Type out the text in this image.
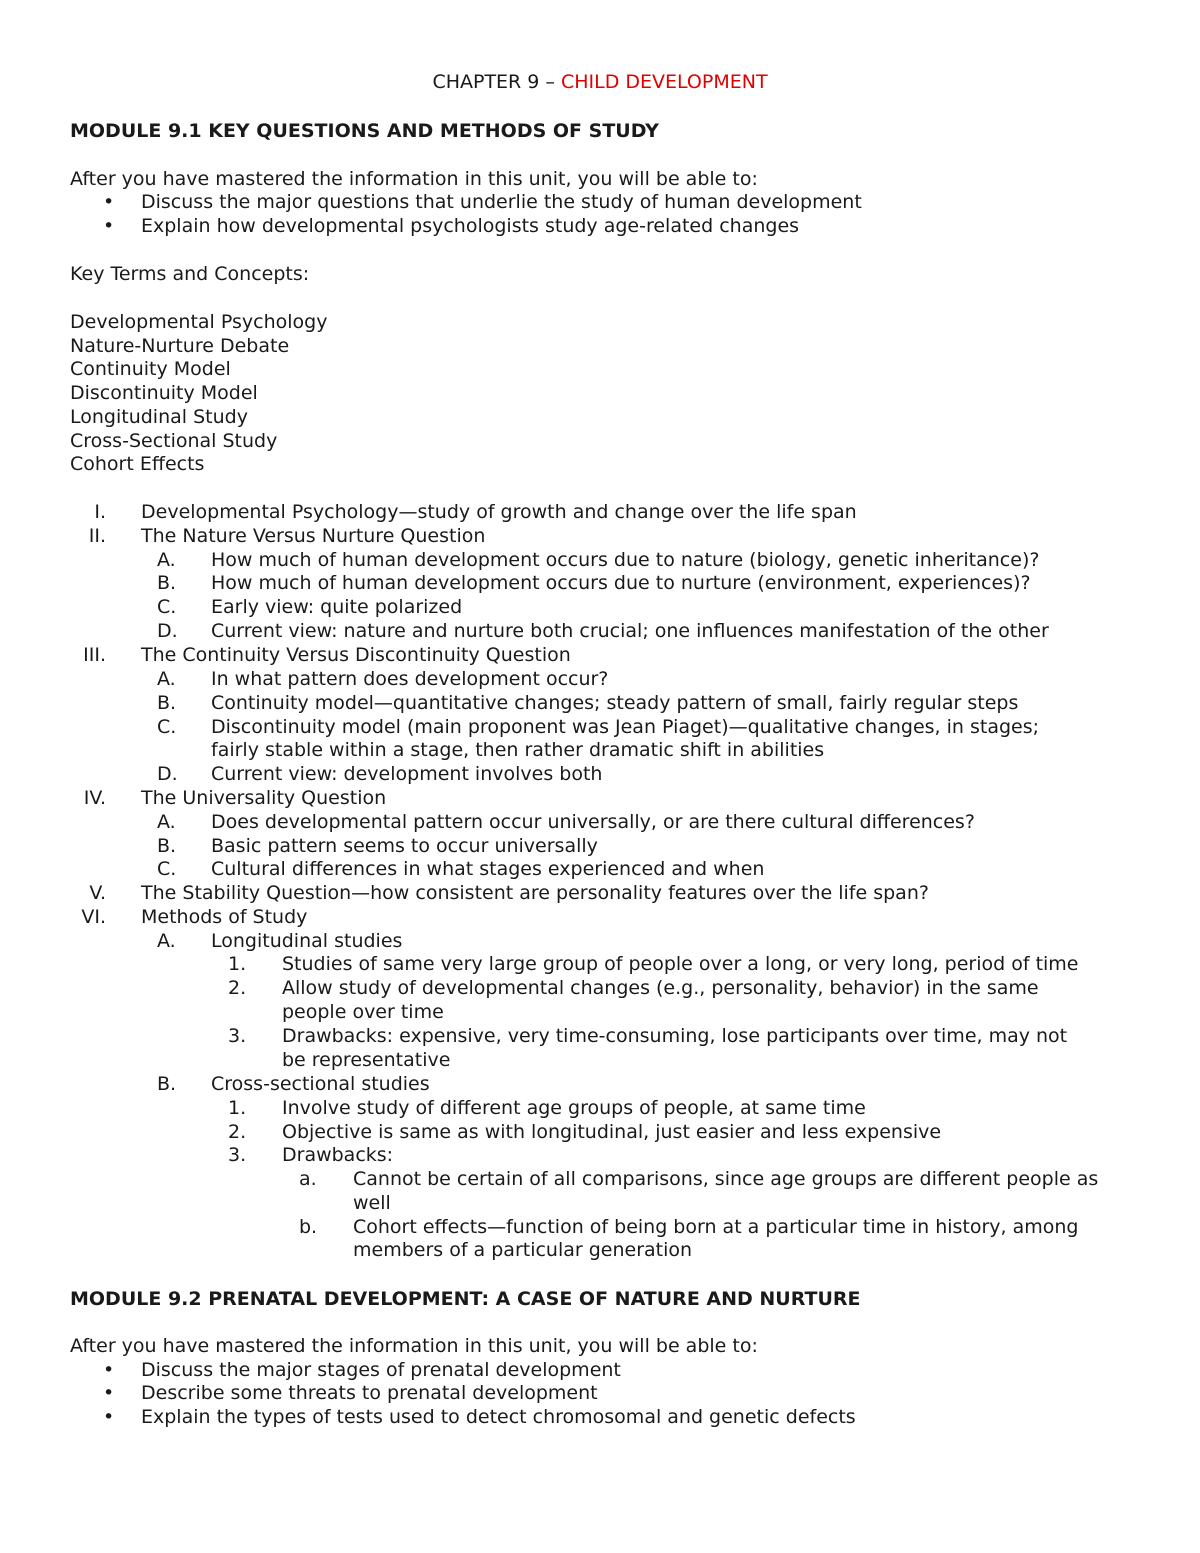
CHAPTER 9 – CHILD DEVELOPMENT
MODULE 9.1 KEY QUESTIONS AND METHODS OF STUDY
After you have mastered the information in this unit, you will be able to:
• Discuss the major questions that underlie the study of human development
• Explain how developmental psychologists study age-related changes
Key Terms and Concepts:
Developmental Psychology
Nature-Nurture Debate
Continuity Model
Discontinuity Model
Longitudinal Study
Cross-Sectional Study
Cohort Effects
I. Developmental Psychology—study of growth and change over the life span
II. The Nature Versus Nurture Question
A. How much of human development occurs due to nature (biology, genetic inheritance)?
B. How much of human development occurs due to nurture (environment, experiences)?
C. Early view: quite polarized
D. Current view: nature and nurture both crucial; one influences manifestation of the other
III. The Continuity Versus Discontinuity Question
A. In what pattern does development occur?
B. Continuity model—quantitative changes; steady pattern of small, fairly regular steps
C. Discontinuity model (main proponent was Jean Piaget)—qualitative changes, in stages;
fairly stable within a stage, then rather dramatic shift in abilities
D. Current view: development involves both
IV. The Universality Question
A. Does developmental pattern occur universally, or are there cultural differences?
B. Basic pattern seems to occur universally
C. Cultural differences in what stages experienced and when
V. The Stability Question—how consistent are personality features over the life span?
VI. Methods of Study
A. Longitudinal studies
1. Studies of same very large group of people over a long, or very long, period of time
2. Allow study of developmental changes (e.g., personality, behavior) in the same
people over time
3. Drawbacks: expensive, very time-consuming, lose participants over time, may not
be representative
B. Cross-sectional studies
1. Involve study of different age groups of people, at same time
2. Objective is same as with longitudinal, just easier and less expensive
3. Drawbacks:
a. Cannot be certain of all comparisons, since age groups are different people as
well
b. Cohort effects—function of being born at a particular time in history, among
members of a particular generation
MODULE 9.2 PRENATAL DEVELOPMENT: A CASE OF NATURE AND NURTURE
After you have mastered the information in this unit, you will be able to:
• Discuss the major stages of prenatal development
• Describe some threats to prenatal development
• Explain the types of tests used to detect chromosomal and genetic defects
